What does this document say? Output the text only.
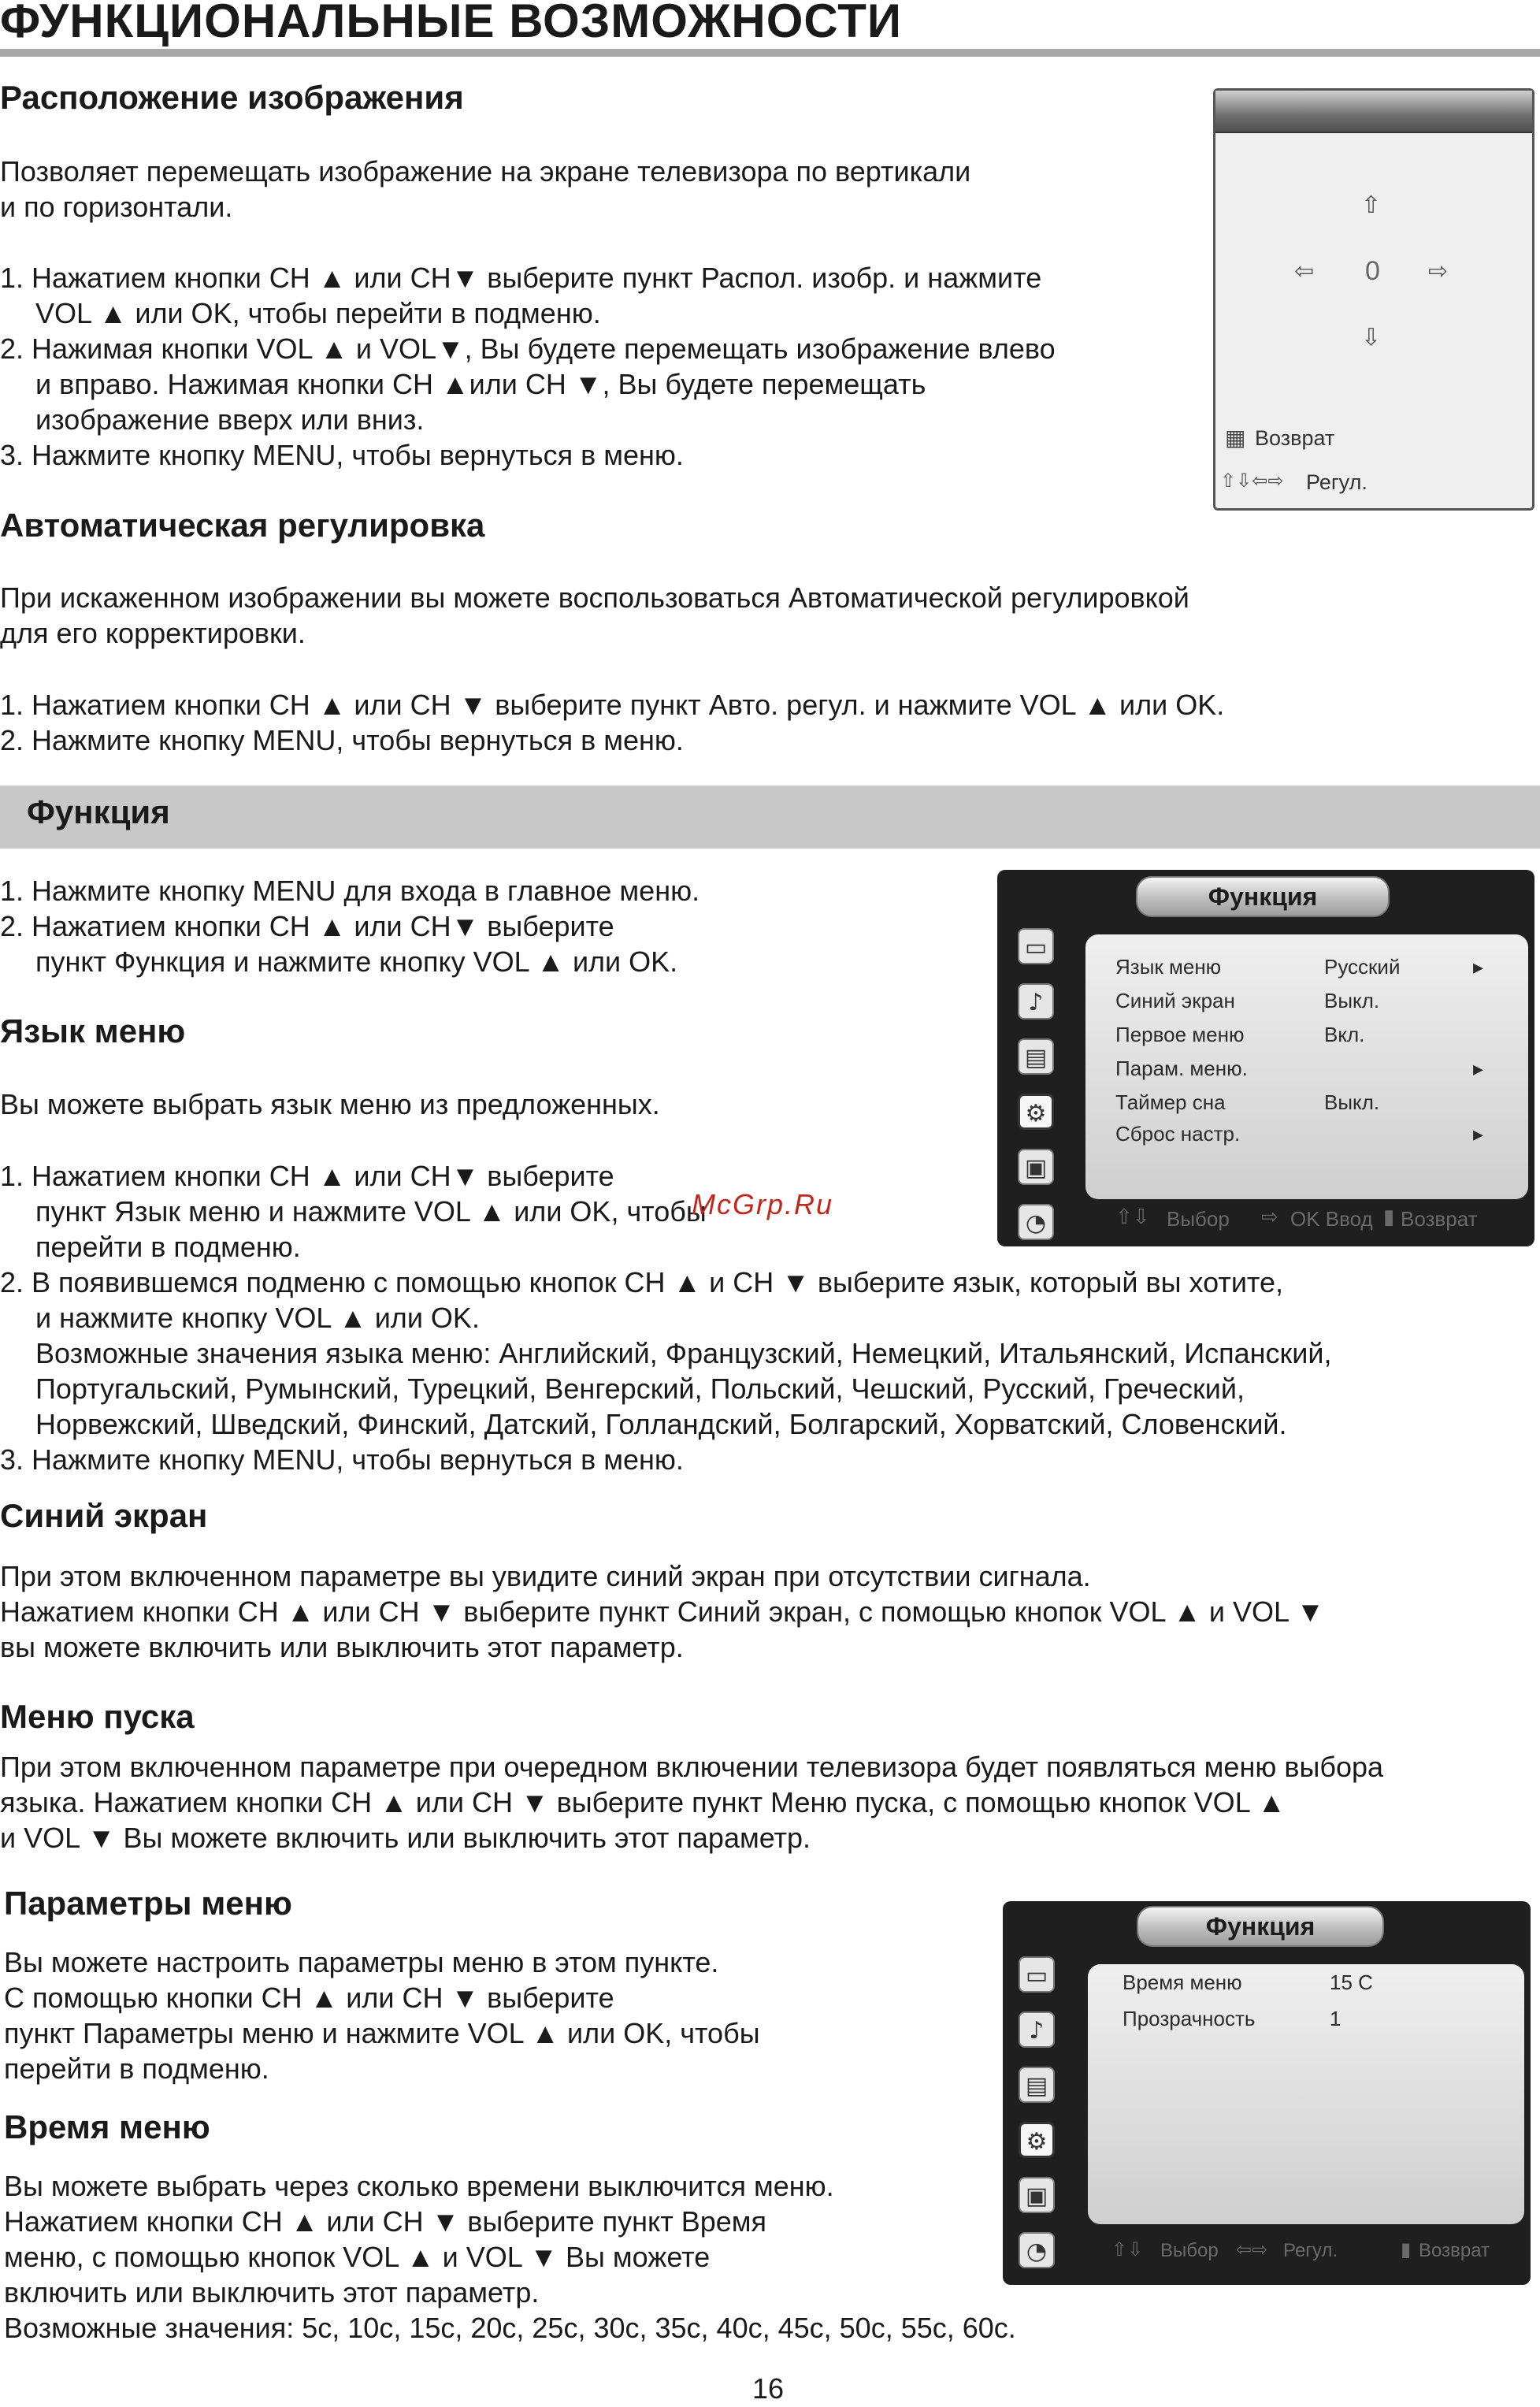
ФУНКЦИОНАЛЬНЫЕ ВОЗМОЖНОСТИ
Расположение изображения
Позволяет перемещать изображение на экране телевизора по вертикали
и по горизонтали.
1. Нажатием кнопки CH ▲ или CH▼ выберите пункт Распол. изобр. и нажмите
VOL ▲ или OK, чтобы перейти в подменю.
2. Нажимая кнопки VOL ▲ и VOL▼, Вы будете перемещать изображение влево
и вправо. Нажимая кнопки CH ▲или CH ▼, Вы будете перемещать
изображение вверх или вниз.
3. Нажмите кнопку MENU, чтобы вернуться в меню.
⇧
⇦ 0 ⇨
⇩
▦ Возврат
⇧⇩⇦⇨ Регул.
Автоматическая регулировка
При искаженном изображении вы можете воспользоваться Автоматической регулировкой
для его корректировки.
1. Нажатием кнопки CH ▲ или CH ▼ выберите пункт Авто. регул. и нажмите VOL ▲ или OK.
2. Нажмите кнопку MENU, чтобы вернуться в меню.
Функция
1. Нажмите кнопку MENU для входа в главное меню.
2. Нажатием кнопки CH ▲ или CH▼ выберите
пункт Функция и нажмите кнопку VOL ▲ или OK.
Язык меню
Вы можете выбрать язык меню из предложенных.
1. Нажатием кнопки CH ▲ или CH▼ выберите
пункт Язык меню и нажмите VOL ▲ или OK, чтобы
перейти в подменю.
2. В появившемся подменю с помощью кнопок CH ▲ и CH ▼ выберите язык, который вы хотите,
и нажмите кнопку VOL ▲ или OK.
Возможные значения языка меню: Английский, Французский, Немецкий, Итальянский, Испанский,
Португальский, Румынский, Турецкий, Венгерский, Польский, Чешский, Русский, Греческий,
Норвежский, Шведский, Финский, Датский, Голландский, Болгарский, Хорватский, Словенский.
3. Нажмите кнопку MENU, чтобы вернуться в меню.
Функция
▭
♪
▤
⚙
▣
◔
Язык меню	Русский	▸
Синий экран	Выкл.
Первое меню	Вкл.
Парам. меню.	▸
Таймер сна	Выкл.
Сброс настр.	▸
⇧⇩ Выбор ⇨ OK Ввод ▮ Возврат
McGrp.Ru
Синий экран
При этом включенном параметре вы увидите синий экран при отсутствии сигнала.
Нажатием кнопки CH ▲ или CH ▼ выберите пункт Синий экран, с помощью кнопок VOL ▲ и VOL ▼
вы можете включить или выключить этот параметр.
Меню пуска
При этом включенном параметре при очередном включении телевизора будет появляться меню выбора
языка. Нажатием кнопки CH ▲ или CH ▼ выберите пункт Меню пуска, с помощью кнопок VOL ▲
и VOL ▼ Вы можете включить или выключить этот параметр.
Параметры меню
Вы можете настроить параметры меню в этом пункте.
С помощью кнопки CH ▲ или CH ▼ выберите
пункт Параметры меню и нажмите VOL ▲ или OK, чтобы
перейти в подменю.
Время меню
Вы можете выбрать через сколько времени выключится меню.
Нажатием кнопки CH ▲ или CH ▼ выберите пункт Время
меню, с помощью кнопок VOL ▲ и VOL ▼ Вы можете
включить или выключить этот параметр.
Возможные значения: 5c, 10c, 15c, 20c, 25c, 30c, 35c, 40c, 45c, 50c, 55c, 60c.
Функция
▭
♪
▤
⚙
▣
◔
Время меню	15 С
Прозрачность	1
⇧⇩ Выбор ⇦⇨ Регул.	▮ Возврат
16
